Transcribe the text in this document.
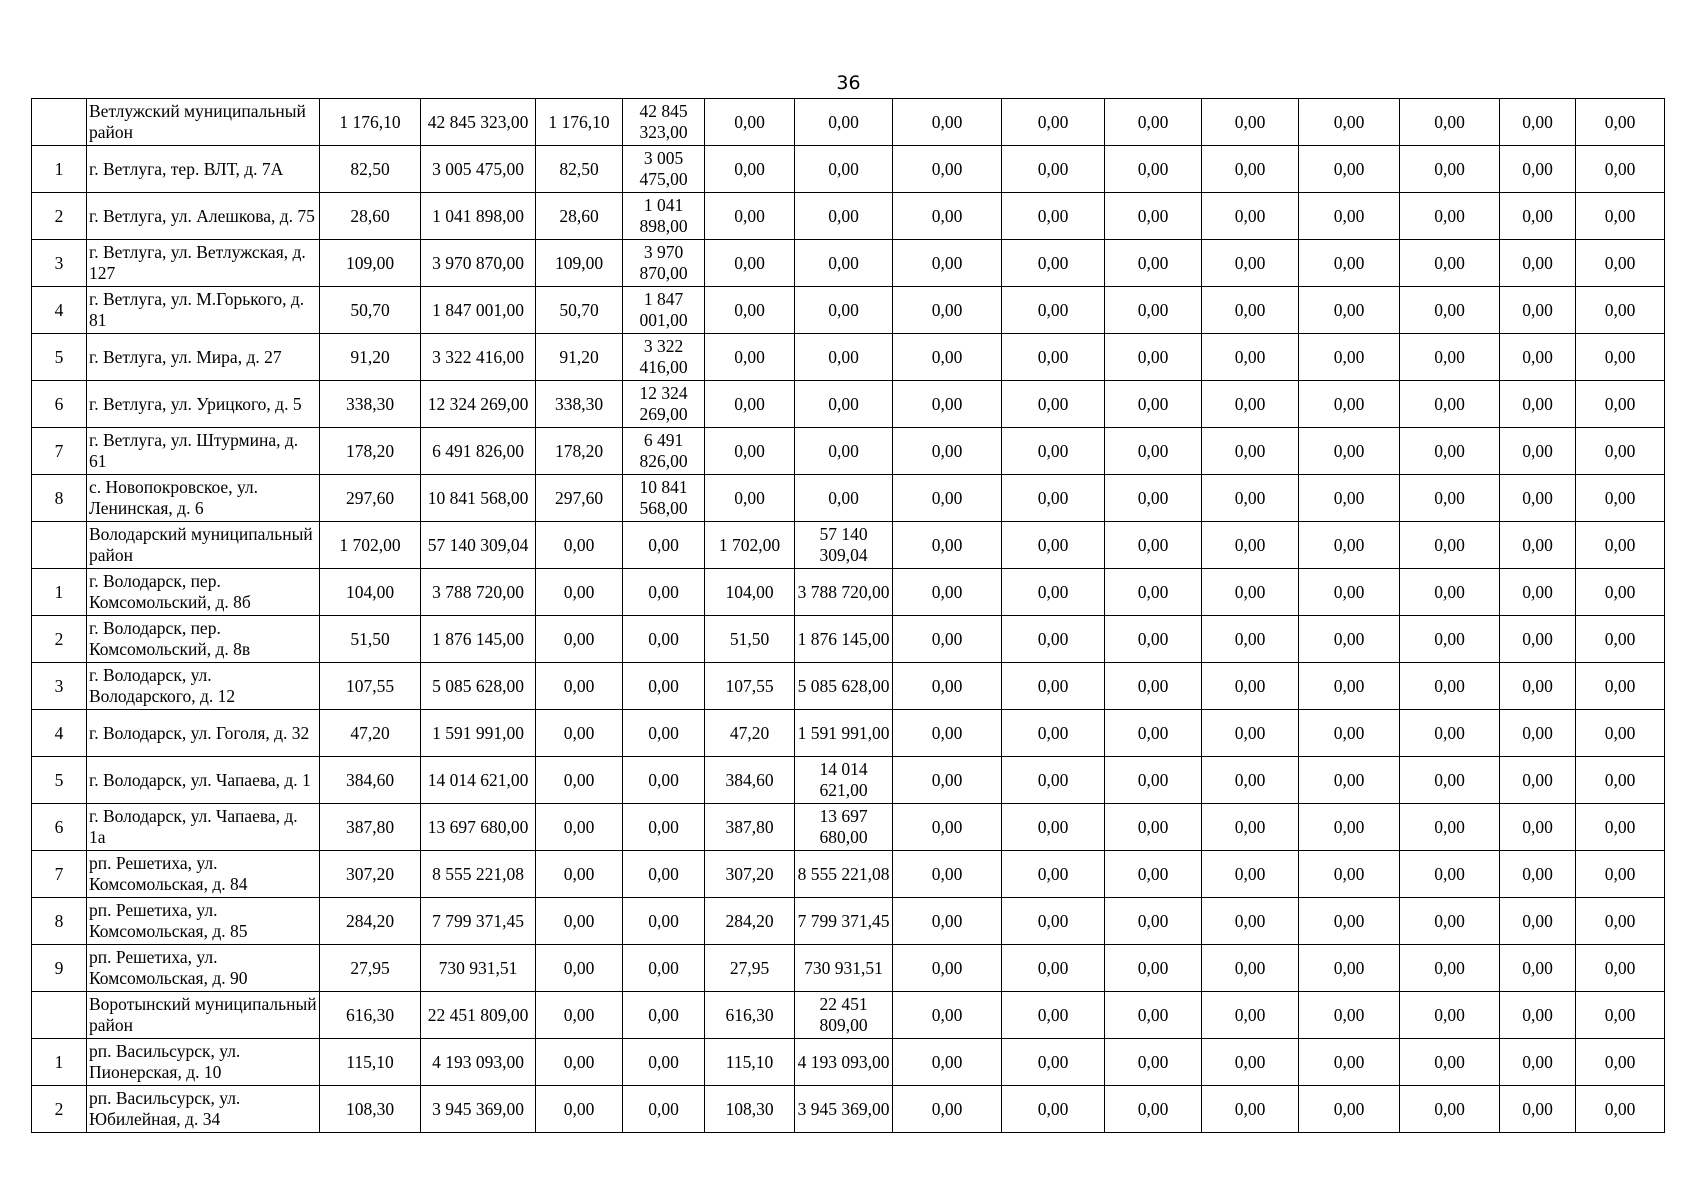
36
	Ветлужский муниципальный район	1 176,10	42 845 323,00	1 176,10	42 845 323,00	0,00	0,00	0,00	0,00	0,00	0,00	0,00	0,00	0,00	0,00
1	г. Ветлуга, тер. ВЛТ, д. 7А	82,50	3 005 475,00	82,50	3 005 475,00	0,00	0,00	0,00	0,00	0,00	0,00	0,00	0,00	0,00	0,00
2	г. Ветлуга, ул. Алешкова, д. 75	28,60	1 041 898,00	28,60	1 041 898,00	0,00	0,00	0,00	0,00	0,00	0,00	0,00	0,00	0,00	0,00
3	г. Ветлуга, ул. Ветлужская, д. 127	109,00	3 970 870,00	109,00	3 970 870,00	0,00	0,00	0,00	0,00	0,00	0,00	0,00	0,00	0,00	0,00
4	г. Ветлуга, ул. М.Горького, д. 81	50,70	1 847 001,00	50,70	1 847 001,00	0,00	0,00	0,00	0,00	0,00	0,00	0,00	0,00	0,00	0,00
5	г. Ветлуга, ул. Мира, д. 27	91,20	3 322 416,00	91,20	3 322 416,00	0,00	0,00	0,00	0,00	0,00	0,00	0,00	0,00	0,00	0,00
6	г. Ветлуга, ул. Урицкого, д. 5	338,30	12 324 269,00	338,30	12 324 269,00	0,00	0,00	0,00	0,00	0,00	0,00	0,00	0,00	0,00	0,00
7	г. Ветлуга, ул. Штурмина, д. 61	178,20	6 491 826,00	178,20	6 491 826,00	0,00	0,00	0,00	0,00	0,00	0,00	0,00	0,00	0,00	0,00
8	с. Новопокровское, ул. Ленинская, д. 6	297,60	10 841 568,00	297,60	10 841 568,00	0,00	0,00	0,00	0,00	0,00	0,00	0,00	0,00	0,00	0,00
	Володарский муниципальный район	1 702,00	57 140 309,04	0,00	0,00	1 702,00	57 140 309,04	0,00	0,00	0,00	0,00	0,00	0,00	0,00	0,00
1	г. Володарск, пер. Комсомольский, д. 8б	104,00	3 788 720,00	0,00	0,00	104,00	3 788 720,00	0,00	0,00	0,00	0,00	0,00	0,00	0,00	0,00
2	г. Володарск, пер. Комсомольский, д. 8в	51,50	1 876 145,00	0,00	0,00	51,50	1 876 145,00	0,00	0,00	0,00	0,00	0,00	0,00	0,00	0,00
3	г. Володарск, ул. Володарского, д. 12	107,55	5 085 628,00	0,00	0,00	107,55	5 085 628,00	0,00	0,00	0,00	0,00	0,00	0,00	0,00	0,00
4	г. Володарск, ул. Гоголя, д. 32	47,20	1 591 991,00	0,00	0,00	47,20	1 591 991,00	0,00	0,00	0,00	0,00	0,00	0,00	0,00	0,00
5	г. Володарск, ул. Чапаева, д. 1	384,60	14 014 621,00	0,00	0,00	384,60	14 014 621,00	0,00	0,00	0,00	0,00	0,00	0,00	0,00	0,00
6	г. Володарск, ул. Чапаева, д. 1а	387,80	13 697 680,00	0,00	0,00	387,80	13 697 680,00	0,00	0,00	0,00	0,00	0,00	0,00	0,00	0,00
7	рп. Решетиха, ул. Комсомольская, д. 84	307,20	8 555 221,08	0,00	0,00	307,20	8 555 221,08	0,00	0,00	0,00	0,00	0,00	0,00	0,00	0,00
8	рп. Решетиха, ул. Комсомольская, д. 85	284,20	7 799 371,45	0,00	0,00	284,20	7 799 371,45	0,00	0,00	0,00	0,00	0,00	0,00	0,00	0,00
9	рп. Решетиха, ул. Комсомольская, д. 90	27,95	730 931,51	0,00	0,00	27,95	730 931,51	0,00	0,00	0,00	0,00	0,00	0,00	0,00	0,00
	Воротынский муниципальный район	616,30	22 451 809,00	0,00	0,00	616,30	22 451 809,00	0,00	0,00	0,00	0,00	0,00	0,00	0,00	0,00
1	рп. Васильсурск, ул. Пионерская, д. 10	115,10	4 193 093,00	0,00	0,00	115,10	4 193 093,00	0,00	0,00	0,00	0,00	0,00	0,00	0,00	0,00
2	рп. Васильсурск, ул. Юбилейная, д. 34	108,30	3 945 369,00	0,00	0,00	108,30	3 945 369,00	0,00	0,00	0,00	0,00	0,00	0,00	0,00	0,00
